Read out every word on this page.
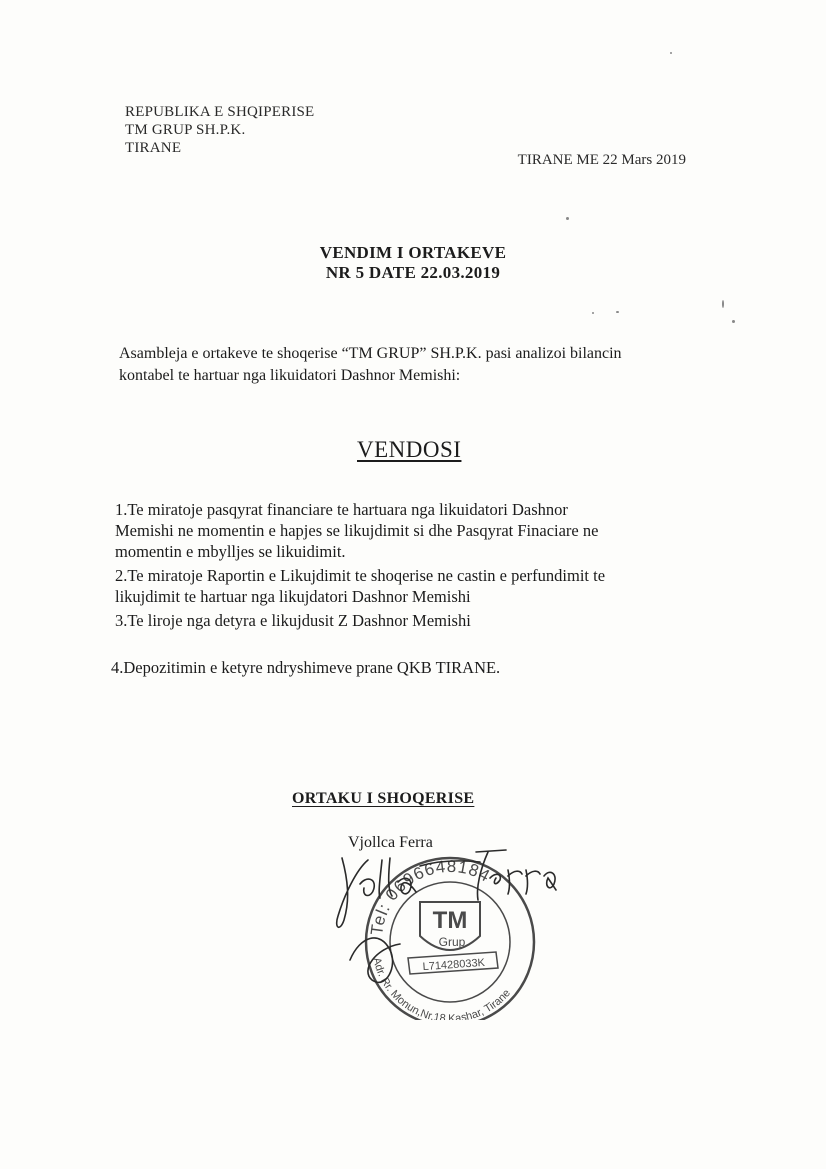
REPUBLIKA E SHQIPERISE
TM GRUP SH.P.K.
TIRANE
TIRANE ME 22 Mars 2019
VENDIM I ORTAKEVE
NR 5 DATE 22.03.2019
Asambleja e ortakeve te shoqerise “TM GRUP” SH.P.K. pasi analizoi bilancin
kontabel te hartuar nga likuidatori Dashnor Memishi:
VENDOSI
1.Te miratoje pasqyrat financiare te hartuara nga likuidatori Dashnor
Memishi ne momentin e hapjes se likujdimit si dhe Pasqyrat Finaciare ne
momentin e mbylljes se likuidimit.
2.Te miratoje Raportin e Likujdimit te shoqerise ne castin e perfundimit te
likujdimit te hartuar nga likujdatori Dashnor Memishi
3.Te liroje nga detyra e likujdusit Z Dashnor Memishi
4.Depozitimin e ketyre ndryshimeve prane QKB TIRANE.
ORTAKU I SHOQERISE
Vjollca Ferra
Tel: 0696648184
Adr. Rr. Monun,Nr.18,Kashar, Tirane
TM
Grup
L71428033K
